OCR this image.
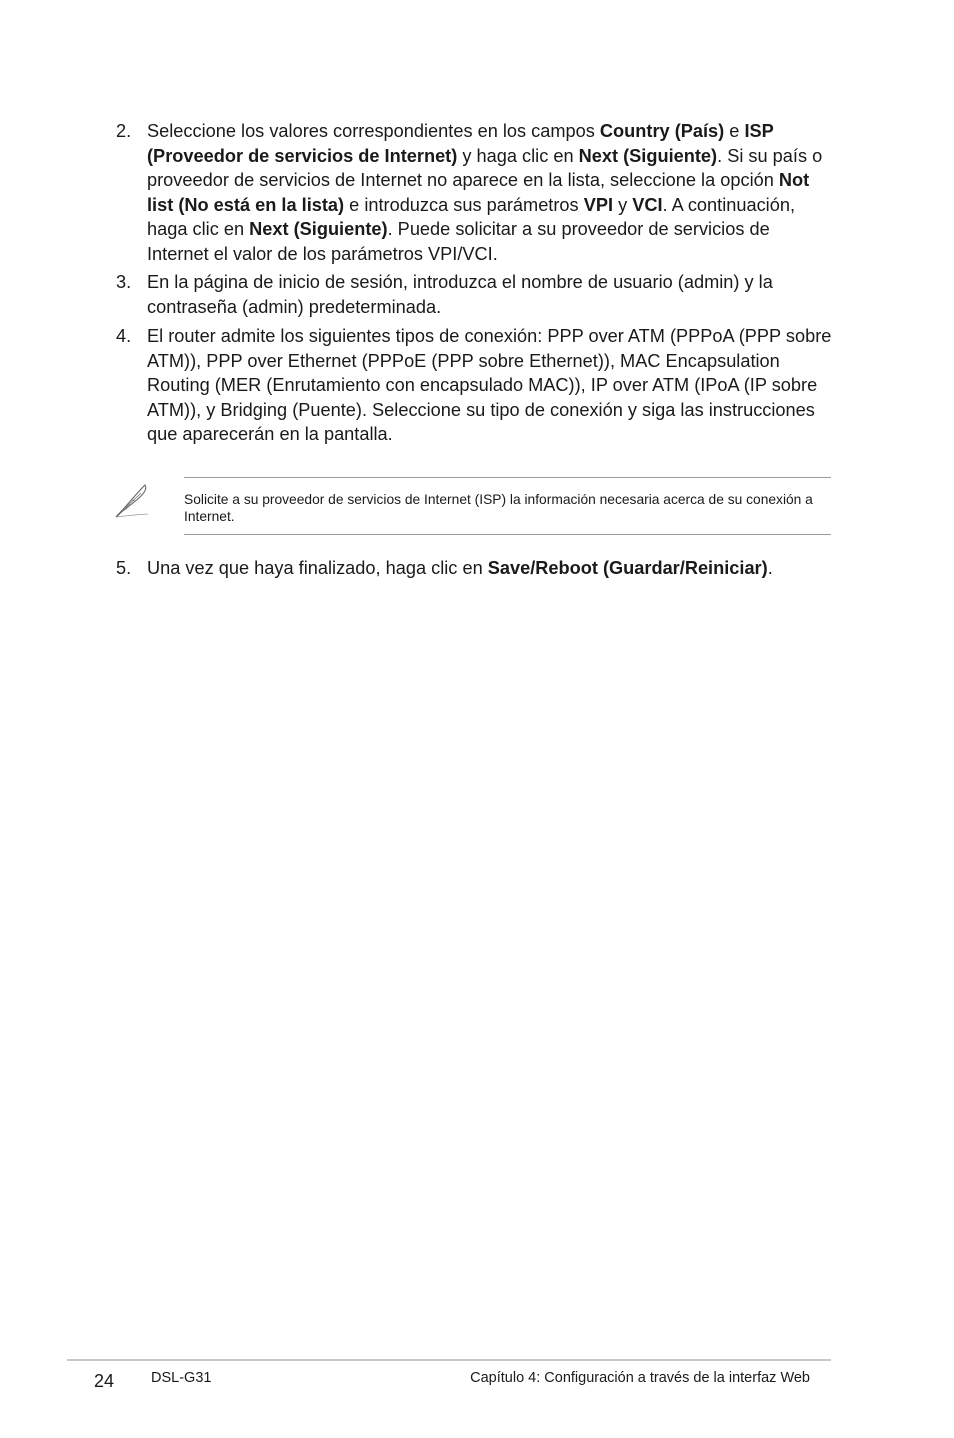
2. Seleccione los valores correspondientes en los campos Country (País) e ISP (Proveedor de servicios de Internet) y haga clic en Next (Siguiente). Si su país o proveedor de servicios de Internet no aparece en la lista, seleccione la opción Not list (No está en la lista) e introduzca sus parámetros VPI y VCI. A continuación, haga clic en Next (Siguiente). Puede solicitar a su proveedor de servicios de Internet el valor de los parámetros VPI/VCI.
3. En la página de inicio de sesión, introduzca el nombre de usuario (admin) y la contraseña (admin) predeterminada.
4. El router admite los siguientes tipos de conexión: PPP over ATM (PPPoA (PPP sobre ATM)), PPP over Ethernet (PPPoE (PPP sobre Ethernet)), MAC Encapsulation Routing (MER (Enrutamiento con encapsulado MAC)), IP over ATM (IPoA (IP sobre ATM)), y Bridging (Puente). Seleccione su tipo de conexión y siga las instrucciones que aparecerán en la pantalla.
5. Una vez que haya finalizado, haga clic en Save/Reboot (Guardar/Reiniciar).
Solicite a su proveedor de servicios de Internet (ISP) la información necesaria acerca de su conexión a Internet.
24	DSL-G31	Capítulo 4: Configuración a través de la interfaz Web
